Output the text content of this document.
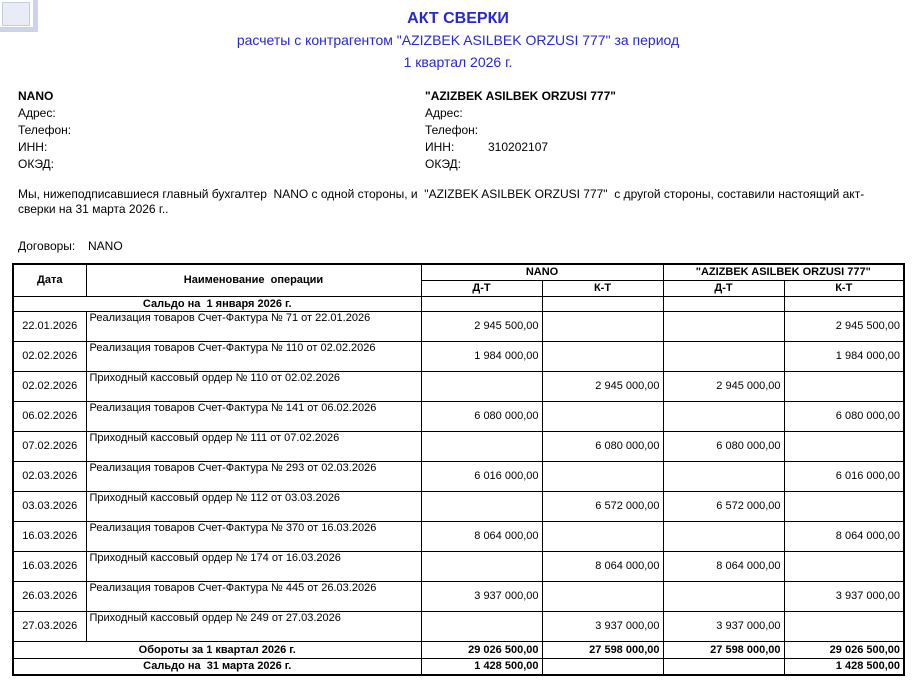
АКТ СВЕРКИ
расчеты с контрагентом "AZIZBEK ASILBEK ORZUSI 777" за период
1 квартал 2026 г.
NANO
Адрес:
Телефон:
ИНН:
ОКЭД:
"AZIZBEK ASILBEK ORZUSI 777"
Адрес:
Телефон:
ИНН:	310202107
ОКЭД:
Мы, нижеподписавшиеся главный бухгалтер  NANO с одной стороны, и  "AZIZBEK ASILBEK ORZUSI 777"  с другой стороны, составили настоящий акт-сверки на 31 марта 2026 г..
Договоры: NANO
Дата	Наименование  операции	NANO		"AZIZBEK ASILBEK ORZUSI 777"	
		Д-Т	К-Т	Д-Т	К-Т
Сальдо на  1 января 2026 г.					
22.01.2026	Реализация товаров Счет-Фактура № 71 от 22.01.2026	2 945 500,00			2 945 500,00
02.02.2026	Реализация товаров Счет-Фактура № 110 от 02.02.2026	1 984 000,00			1 984 000,00
02.02.2026	Приходный кассовый ордер № 110 от 02.02.2026		2 945 000,00	2 945 000,00	
06.02.2026	Реализация товаров Счет-Фактура № 141 от 06.02.2026	6 080 000,00			6 080 000,00
07.02.2026	Приходный кассовый ордер № 111 от 07.02.2026		6 080 000,00	6 080 000,00	
02.03.2026	Реализация товаров Счет-Фактура № 293 от 02.03.2026	6 016 000,00			6 016 000,00
03.03.2026	Приходный кассовый ордер № 112 от 03.03.2026		6 572 000,00	6 572 000,00	
16.03.2026	Реализация товаров Счет-Фактура № 370 от 16.03.2026	8 064 000,00			8 064 000,00
16.03.2026	Приходный кассовый ордер № 174 от 16.03.2026		8 064 000,00	8 064 000,00	
26.03.2026	Реализация товаров Счет-Фактура № 445 от 26.03.2026	3 937 000,00			3 937 000,00
27.03.2026	Приходный кассовый ордер № 249 от 27.03.2026		3 937 000,00	3 937 000,00	
Обороты за 1 квартал 2026 г.		29 026 500,00	27 598 000,00	27 598 000,00	29 026 500,00
Сальдо на  31 марта 2026 г.		1 428 500,00			1 428 500,00
